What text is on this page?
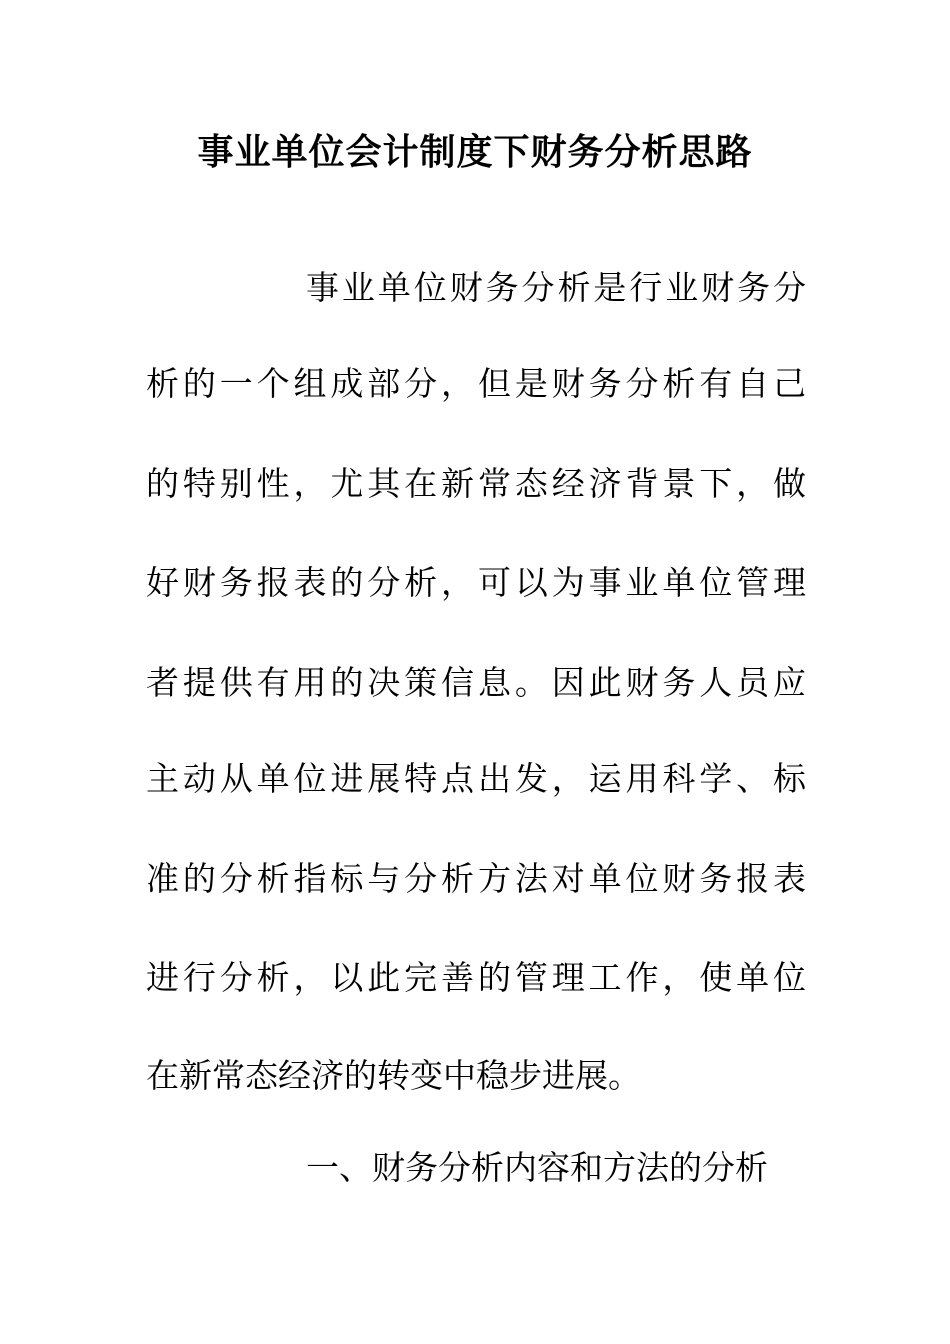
事业单位会计制度下财务分析思路
事业单位财务分析是行业财务分
析的一个组成部分，但是财务分析有自己
的特别性，尤其在新常态经济背景下，做
好财务报表的分析，可以为事业单位管理
者提供有用的决策信息。因此财务人员应
主动从单位进展特点出发，运用科学、标
准的分析指标与分析方法对单位财务报表
进行分析，以此完善的管理工作，使单位
在新常态经济的转变中稳步进展。
一、财务分析内容和方法的分析
